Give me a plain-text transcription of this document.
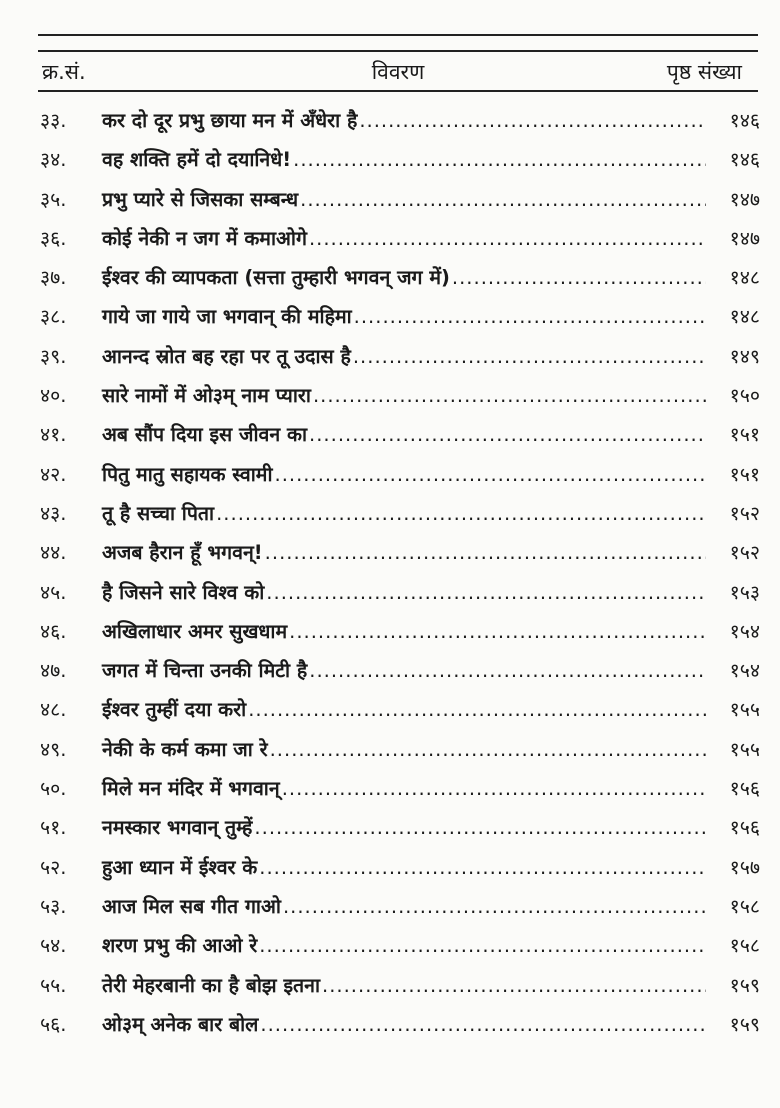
क्र.सं.	विवरण	पृष्ठ संख्या
३३.	कर दो दूर प्रभु छाया मन में अँधेरा है .....	१४६
३४.	वह शक्ति हमें दो दयानिधे! .....	१४६
३५.	प्रभु प्यारे से जिसका सम्बन्ध .....	१४७
३६.	कोई नेकी न जग में कमाओगे .....	१४७
३७.	ईश्वर की व्यापकता (सत्ता तुम्हारी भगवन् जग में) .....	१४८
३८.	गाये जा गाये जा भगवान् की महिमा .....	१४८
३९.	आनन्द स्रोत बह रहा पर तू उदास है .....	१४९
४०.	सारे नामों में ओ३म् नाम प्यारा .....	१५०
४१.	अब सौंप दिया इस जीवन का .....	१५१
४२.	पितु मातु सहायक स्वामी .....	१५१
४३.	तू है सच्चा पिता .....	१५२
४४.	अजब हैरान हूँ भगवन्! .....	१५२
४५.	है जिसने सारे विश्व को .....	१५३
४६.	अखिलाधार अमर सुखधाम .....	१५४
४७.	जगत में चिन्ता उनकी मिटी है .....	१५४
४८.	ईश्वर तुम्हीं दया करो .....	१५५
४९.	नेकी के कर्म कमा जा रे .....	१५५
५०.	मिले मन मंदिर में भगवान् .....	१५६
५१.	नमस्कार भगवान् तुम्हें .....	१५६
५२.	हुआ ध्यान में ईश्वर के .....	१५७
५३.	आज मिल सब गीत गाओ .....	१५८
५४.	शरण प्रभु की आओ रे .....	१५८
५५.	तेरी मेहरबानी का है बोझ इतना .....	१५९
५६.	ओ३म् अनेक बार बोल .....	१५९
